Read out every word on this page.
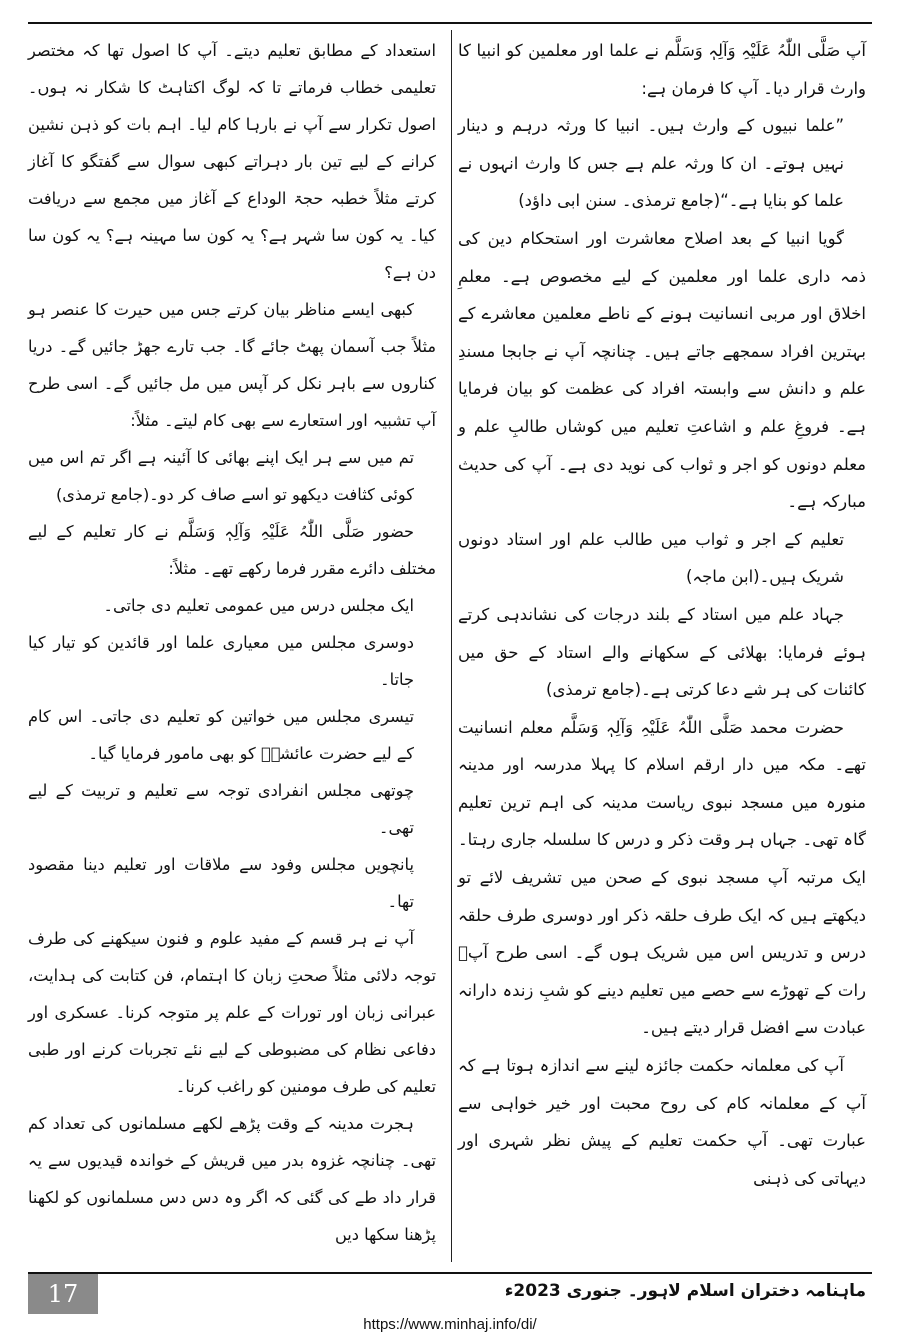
آپ صَلَّی اللّٰہُ عَلَیْہِ وَآلِہٖ وَسَلَّم نے علما اور معلمین کو انبیا کا وارث قرار دیا۔ آپ کا فرمان ہے:

”علما نبیوں کے وارث ہیں۔ انبیا کا ورثہ درہم و دینار نہیں ہوتے۔ ان کا ورثہ علم ہے جس کا وارث انہوں نے علما کو بنایا ہے۔“(جامع ترمذی۔ سنن ابی داؤد)

گویا انبیا کے بعد اصلاح معاشرت اور استحکام دین کی ذمہ داری علما اور معلمین کے لیے مخصوص ہے۔ معلمِ اخلاق اور مربی انسانیت ہونے کے ناطے معلمین معاشرے کے بہترین افراد سمجھے جاتے ہیں۔ چنانچہ آپ نے جابجا مسندِ علم و دانش سے وابستہ افراد کی عظمت کو بیان فرمایا ہے۔ فروغِ علم و اشاعتِ تعلیم میں کوشاں طالبِ علم و معلم دونوں کو اجر و ثواب کی نوید دی ہے۔ آپ کی حدیث مبارکہ ہے۔

تعلیم کے اجر و ثواب میں طالب علم اور استاد دونوں شریک ہیں۔(ابن ماجہ)

جہاد علم میں استاد کے بلند درجات کی نشاندہی کرتے ہوئے فرمایا: بھلائی کے سکھانے والے استاد کے حق میں کائنات کی ہر شے دعا کرتی ہے۔(جامع ترمذی)

حضرت محمد صَلَّی اللّٰہُ عَلَیْہِ وَآلِہٖ وَسَلَّم معلم انسانیت تھے۔ مکہ میں دار ارقم اسلام کا پہلا مدرسہ اور مدینہ منورہ میں مسجد نبوی ریاست مدینہ کی اہم ترین تعلیم گاہ تھی۔ جہاں ہر وقت ذکر و درس کا سلسلہ جاری رہتا۔ ایک مرتبہ آپ مسجد نبوی کے صحن میں تشریف لائے تو دیکھتے ہیں کہ ایک طرف حلقہ ذکر اور دوسری طرف حلقہ درس و تدریس اس میں شریک ہوں گے۔ اسی طرح آپؐ رات کے تھوڑے سے حصے میں تعلیم دینے کو شبِ زندہ دارانہ عبادت سے افضل قرار دیتے ہیں۔

آپ کی معلمانہ حکمت جائزہ لینے سے اندازہ ہوتا ہے کہ آپ کے معلمانہ کام کی روح محبت اور خیر خواہی سے عبارت تھی۔ آپ حکمت تعلیم کے پیش نظر شہری اور دیہاتی کی ذہنی

استعداد کے مطابق تعلیم دیتے۔ آپ کا اصول تھا کہ مختصر تعلیمی خطاب فرماتے تا کہ لوگ اکتاہٹ کا شکار نہ ہوں۔ اصول تکرار سے آپ نے بارہا کام لیا۔ اہم بات کو ذہن نشین کرانے کے لیے تین بار دہراتے کبھی سوال سے گفتگو کا آغاز کرتے مثلاً خطبہ حجۃ الوداع کے آغاز میں مجمع سے دریافت کیا۔ یہ کون سا شہر ہے؟ یہ کون سا مہینہ ہے؟ یہ کون سا دن ہے؟

کبھی ایسے مناظر بیان کرتے جس میں حیرت کا عنصر ہو مثلاً جب آسمان پھٹ جائے گا۔ جب تارے جھڑ جائیں گے۔ دریا کناروں سے باہر نکل کر آپس میں مل جائیں گے۔ اسی طرح آپ تشبیہ اور استعارے سے بھی کام لیتے۔ مثلاً:

تم میں سے ہر ایک اپنے بھائی کا آئینہ ہے اگر تم اس میں کوئی کثافت دیکھو تو اسے صاف کر دو۔(جامع ترمذی)

حضور صَلَّی اللّٰہُ عَلَیْہِ وَآلِہٖ وَسَلَّم نے کار تعلیم کے لیے مختلف دائرے مقرر فرما رکھے تھے۔ مثلاً:

ایک مجلس درس میں عمومی تعلیم دی جاتی۔

دوسری مجلس میں معیاری علما اور قائدین کو تیار کیا جاتا۔

تیسری مجلس میں خواتین کو تعلیم دی جاتی۔ اس کام کے لیے حضرت عائشہؓ کو بھی مامور فرمایا گیا۔

چوتھی مجلس انفرادی توجہ سے تعلیم و تربیت کے لیے تھی۔

پانچویں مجلس وفود سے ملاقات اور تعلیم دینا مقصود تھا۔

آپ نے ہر قسم کے مفید علوم و فنون سیکھنے کی طرف توجہ دلائی مثلاً صحتِ زبان کا اہتمام، فن کتابت کی ہدایت، عبرانی زبان اور تورات کے علم پر متوجہ کرنا۔ عسکری اور دفاعی نظام کی مضبوطی کے لیے نئے تجربات کرنے اور طبی تعلیم کی طرف مومنین کو راغب کرنا۔

ہجرت مدینہ کے وقت پڑھے لکھے مسلمانوں کی تعداد کم تھی۔ چنانچہ غزوہ بدر میں قریش کے خواندہ قیدیوں سے یہ قرار داد طے کی گئی کہ اگر وہ دس دس مسلمانوں کو لکھنا پڑھنا سکھا دیں

17	ماہنامہ دختران اسلام لاہور۔ جنوری 2023ء
https://www.minhaj.info/di/
